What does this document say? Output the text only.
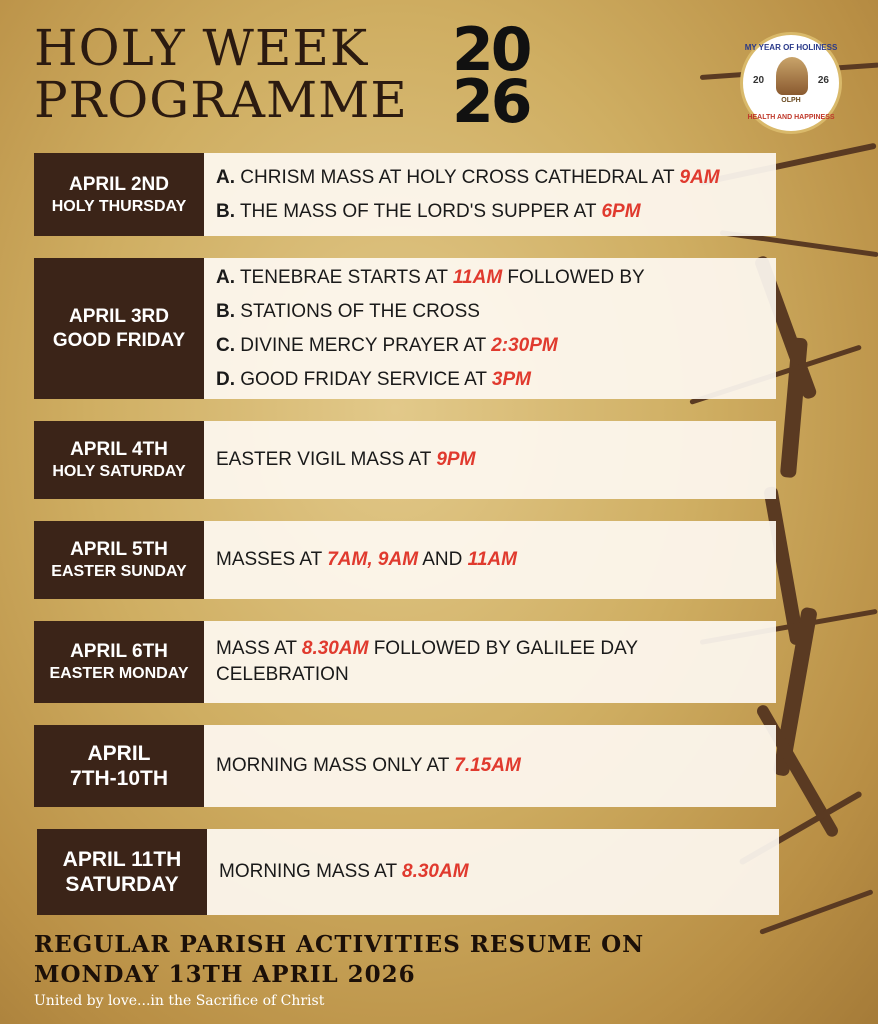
HOLY WEEK
PROGRAMME
20
26
MY YEAR OF HOLINESS
20	26
OLPH
HEALTH AND HAPPINESS
APRIL 2ND
HOLY THURSDAY
A. CHRISM MASS AT HOLY CROSS CATHEDRAL AT 9AM
B. THE MASS OF THE LORD'S SUPPER AT 6PM
APRIL 3RD
GOOD FRIDAY
A. TENEBRAE STARTS AT 11AM FOLLOWED BY
B. STATIONS OF THE CROSS
C. DIVINE MERCY PRAYER AT 2:30PM
D. GOOD FRIDAY SERVICE AT 3PM
APRIL 4TH
HOLY SATURDAY
EASTER VIGIL MASS AT 9PM
APRIL 5TH
EASTER SUNDAY
MASSES AT 7AM, 9AM AND 11AM
APRIL 6TH
EASTER MONDAY
MASS AT 8.30AM FOLLOWED BY GALILEE DAY CELEBRATION
APRIL
7TH-10TH
MORNING MASS ONLY AT 7.15AM
APRIL 11TH
SATURDAY
MORNING MASS AT 8.30AM
REGULAR PARISH ACTIVITIES RESUME ON
MONDAY 13TH APRIL 2026
United by love...in the Sacrifice of Christ
